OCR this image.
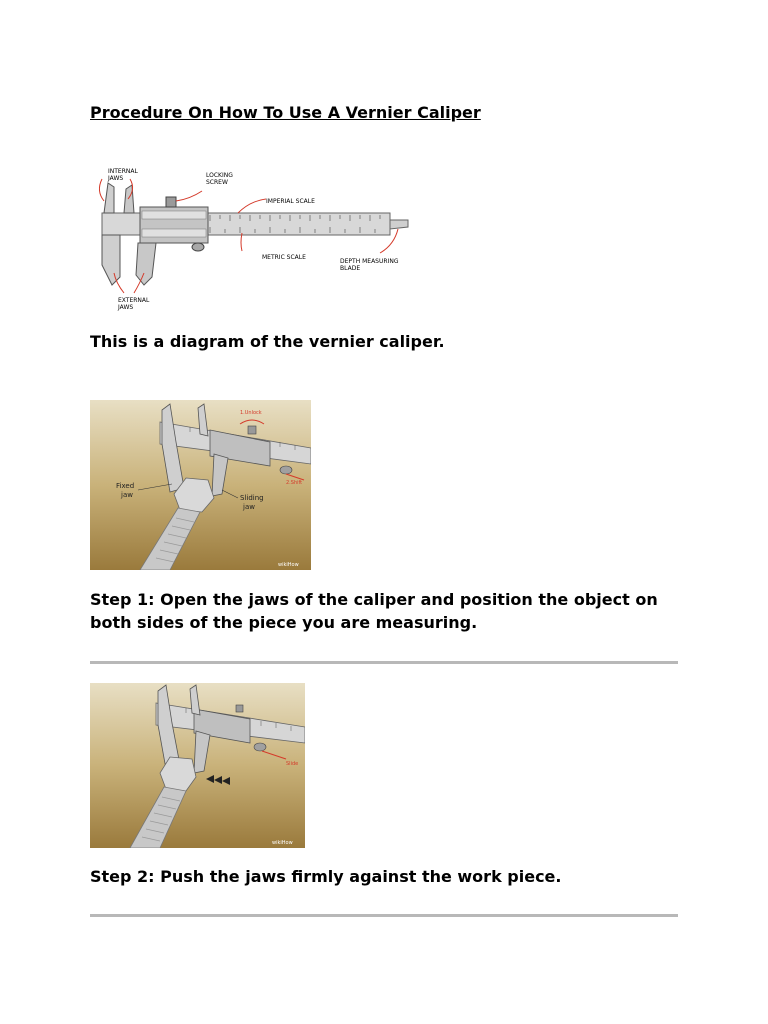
Procedure On How To Use A Vernier Caliper
INTERNAL
JAWS	LOCKING
SCREW
IMPERIAL SCALE
METRIC SCALE
DEPTH MEASURING
BLADE
EXTERNAL
JAWS

This is a diagram of the vernier caliper.

1.Unlock
2.Shift
Fixed
jaw	Sliding
jaw
wikiHow

Step 1: Open the jaws of the caliper and position the object on
both sides of the piece you are measuring.

Slide
wikiHow

Step 2: Push the jaws firmly against the work piece.
